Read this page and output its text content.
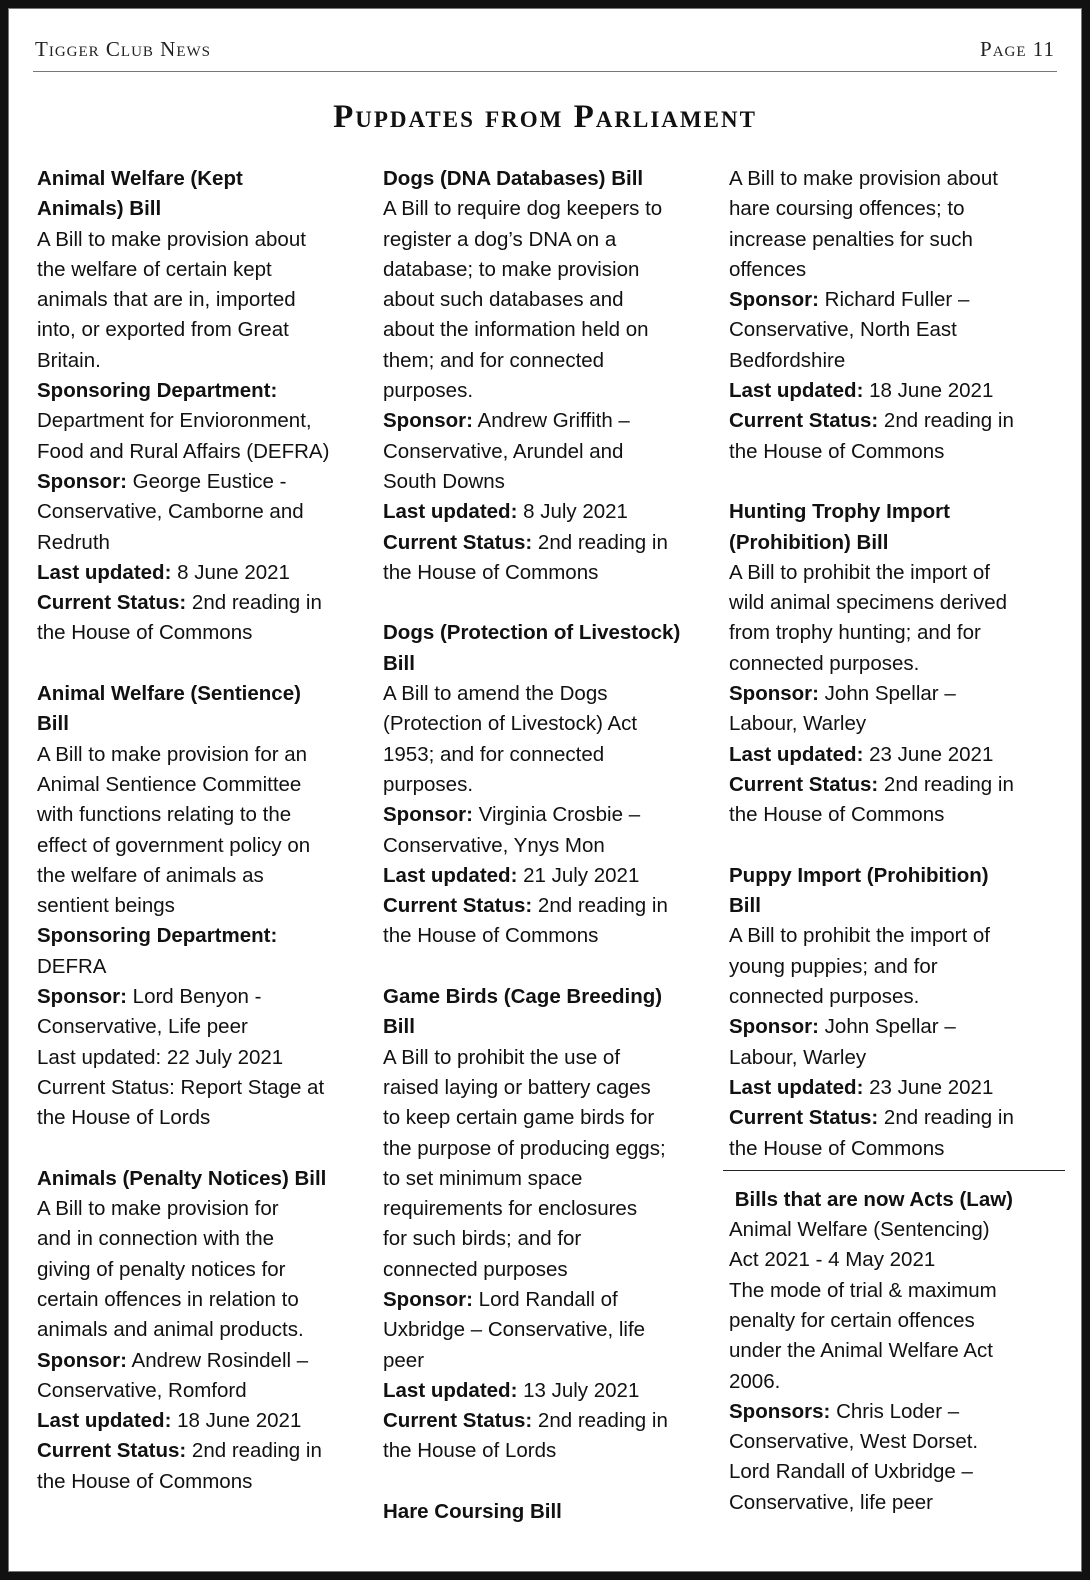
Tigger Club News	Page 11
Pupdates from Parliament
Animal Welfare (Kept
Animals) Bill
A Bill to make provision about
the welfare of certain kept
animals that are in, imported
into, or exported from Great
Britain.
Sponsoring Department:
Department for Envioronment,
Food and Rural Affairs (DEFRA)
Sponsor: George Eustice -
Conservative, Camborne and
Redruth
Last updated: 8 June 2021
Current Status: 2nd reading in
the House of Commons
Animal Welfare (Sentience)
Bill
A Bill to make provision for an
Animal Sentience Committee
with functions relating to the
effect of government policy on
the welfare of animals as
sentient beings
Sponsoring Department:
DEFRA
Sponsor: Lord Benyon -
Conservative, Life peer
Last updated: 22 July 2021
Current Status: Report Stage at
the House of Lords
Animals (Penalty Notices) Bill
A Bill to make provision for
and in connection with the
giving of penalty notices for
certain offences in relation to
animals and animal products.
Sponsor: Andrew Rosindell –
Conservative, Romford
Last updated: 18 June 2021
Current Status: 2nd reading in
the House of Commons
Dogs (DNA Databases) Bill
A Bill to require dog keepers to
register a dog’s DNA on a
database; to make provision
about such databases and
about the information held on
them; and for connected
purposes.
Sponsor: Andrew Griffith –
Conservative, Arundel and
South Downs
Last updated: 8 July 2021
Current Status: 2nd reading in
the House of Commons
Dogs (Protection of Livestock)
Bill
A Bill to amend the Dogs
(Protection of Livestock) Act
1953; and for connected
purposes.
Sponsor: Virginia Crosbie –
Conservative, Ynys Mon
Last updated: 21 July 2021
Current Status: 2nd reading in
the House of Commons
Game Birds (Cage Breeding)
Bill
A Bill to prohibit the use of
raised laying or battery cages
to keep certain game birds for
the purpose of producing eggs;
to set minimum space
requirements for enclosures
for such birds; and for
connected purposes
Sponsor: Lord Randall of
Uxbridge – Conservative, life
peer
Last updated: 13 July 2021
Current Status: 2nd reading in
the House of Lords
Hare Coursing Bill
A Bill to make provision about
hare coursing offences; to
increase penalties for such
offences
Sponsor: Richard Fuller –
Conservative, North East
Bedfordshire
Last updated: 18 June 2021
Current Status: 2nd reading in
the House of Commons
Hunting Trophy Import
(Prohibition) Bill
A Bill to prohibit the import of
wild animal specimens derived
from trophy hunting; and for
connected purposes.
Sponsor: John Spellar –
Labour, Warley
Last updated: 23 June 2021
Current Status: 2nd reading in
the House of Commons
Puppy Import (Prohibition)
Bill
A Bill to prohibit the import of
young puppies; and for
connected purposes.
Sponsor: John Spellar –
Labour, Warley
Last updated: 23 June 2021
Current Status: 2nd reading in
the House of Commons
Bills that are now Acts (Law)
Animal Welfare (Sentencing)
Act 2021 - 4 May 2021
The mode of trial & maximum
penalty for certain offences
under the Animal Welfare Act
2006.
Sponsors: Chris Loder –
Conservative, West Dorset.
Lord Randall of Uxbridge –
Conservative, life peer
